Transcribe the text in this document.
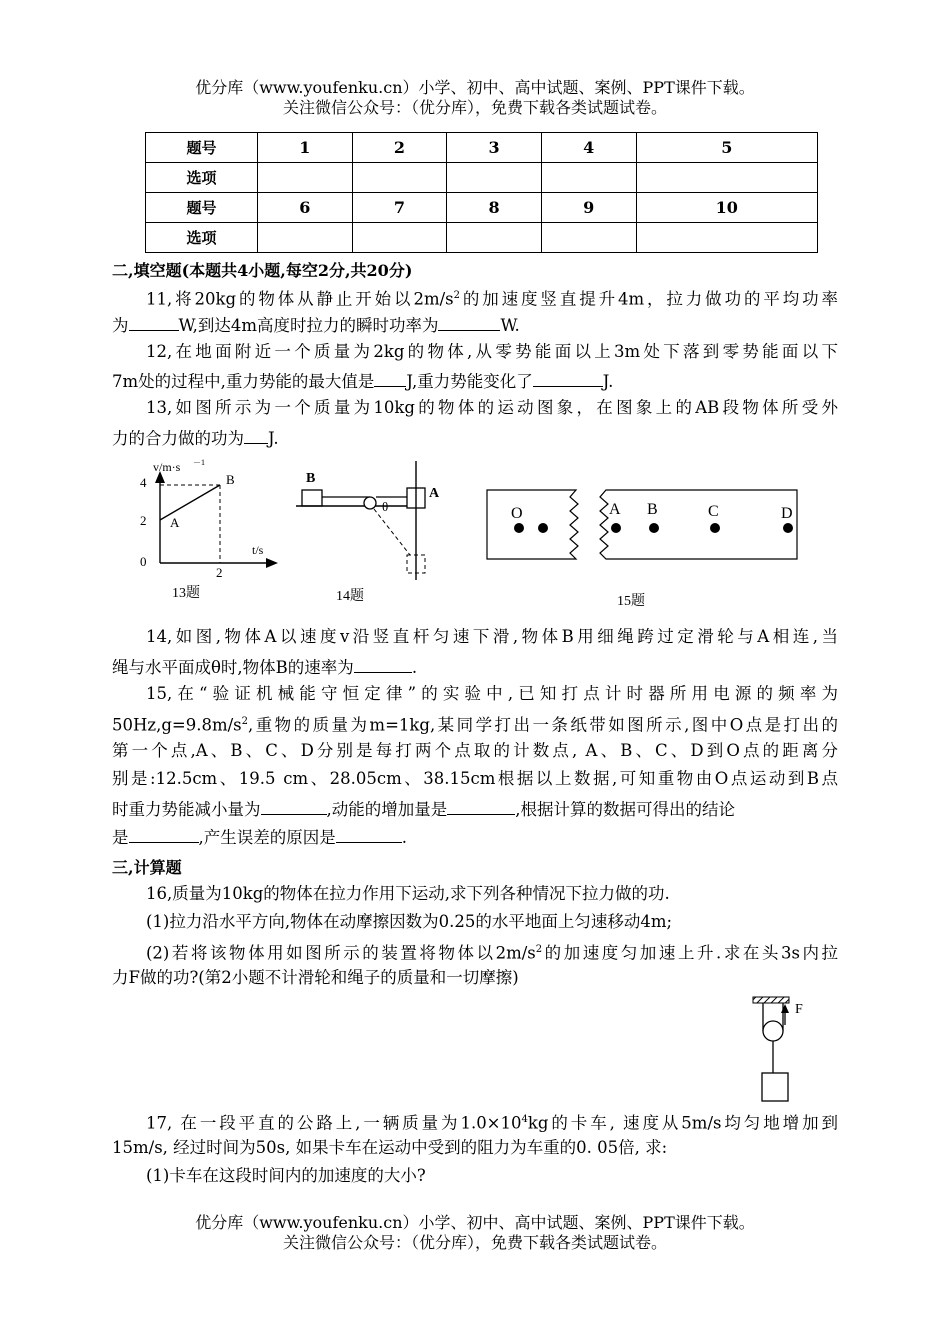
优分库（www.youfenku.cn）小学、初中、高中试题、案例、PPT课件下载。
关注微信公众号：（优分库），免费下载各类试题试卷。
题号	1	2	3	4	5
选项					
题号	6	7	8	9	10
选项					
二,填空题(本题共4小题,每空2分,共20分)
11,将20kg的物体从静止开始以$2m/s^2$的加速度竖直提升4m，拉力做功的平均功率
为	W,到达4m高度时拉力的瞬时功率为	W.
12,在地面附近一个质量为2kg的物体,从零势能面以上3m处下落到零势能面以下
7m处的过程中,重力势能的最大值是 J,重力势能变化了	J.
13,如图所示为一个质量为10kg的物体的运动图象，在图象上的AB段物体所受外
力的合力做的功为 J.
v/m·s －1
4
2
0
2
t/s
A
B
13题
B
A
θ
14题
O	A B	C	D
15题
14,如图,物体A以速度v沿竖直杆匀速下滑,物体B用细绳跨过定滑轮与A相连,当
绳与水平面成θ时,物体B的速率为	.
15,在“验证机械能守恒定律”的实验中,已知打点计时器所用电源的频率为
$50Hz,g=9.8m/s^2$,重物的质量为m=1kg,某同学打出一条纸带如图所示,图中O点是打出的
第一个点,A、B、C、D分别是每打两个点取的计数点, A、B、C、D到O点的距离分
别是:12.5cm、19.5 cm、28.05cm、38.15cm根据以上数据,可知重物由O点运动到B点
时重力势能减小量为	,动能的增加量是	,根据计算的数据可得出的结论
是	,产生误差的原因是	.
三,计算题
16,质量为10kg的物体在拉力作用下运动,求下列各种情况下拉力做的功.
(1)拉力沿水平方向,物体在动摩擦因数为0.25的水平地面上匀速移动4m;
(2)若将该物体用如图所示的装置将物体以$2m/s^2$的加速度匀加速上升.求在头3s内拉
力F做的功?(第2小题不计滑轮和绳子的质量和一切摩擦)
F
17, 在一段平直的公路上,一辆质量为$1.0\times 10^4kg$的卡车, 速度从5m/s均匀地增加到
15m/s, 经过时间为50s, 如果卡车在运动中受到的阻力为车重的0. 05倍, 求:
(1)卡车在这段时间内的加速度的大小?
优分库（www.youfenku.cn）小学、初中、高中试题、案例、PPT课件下载。
关注微信公众号：（优分库），免费下载各类试题试卷。
